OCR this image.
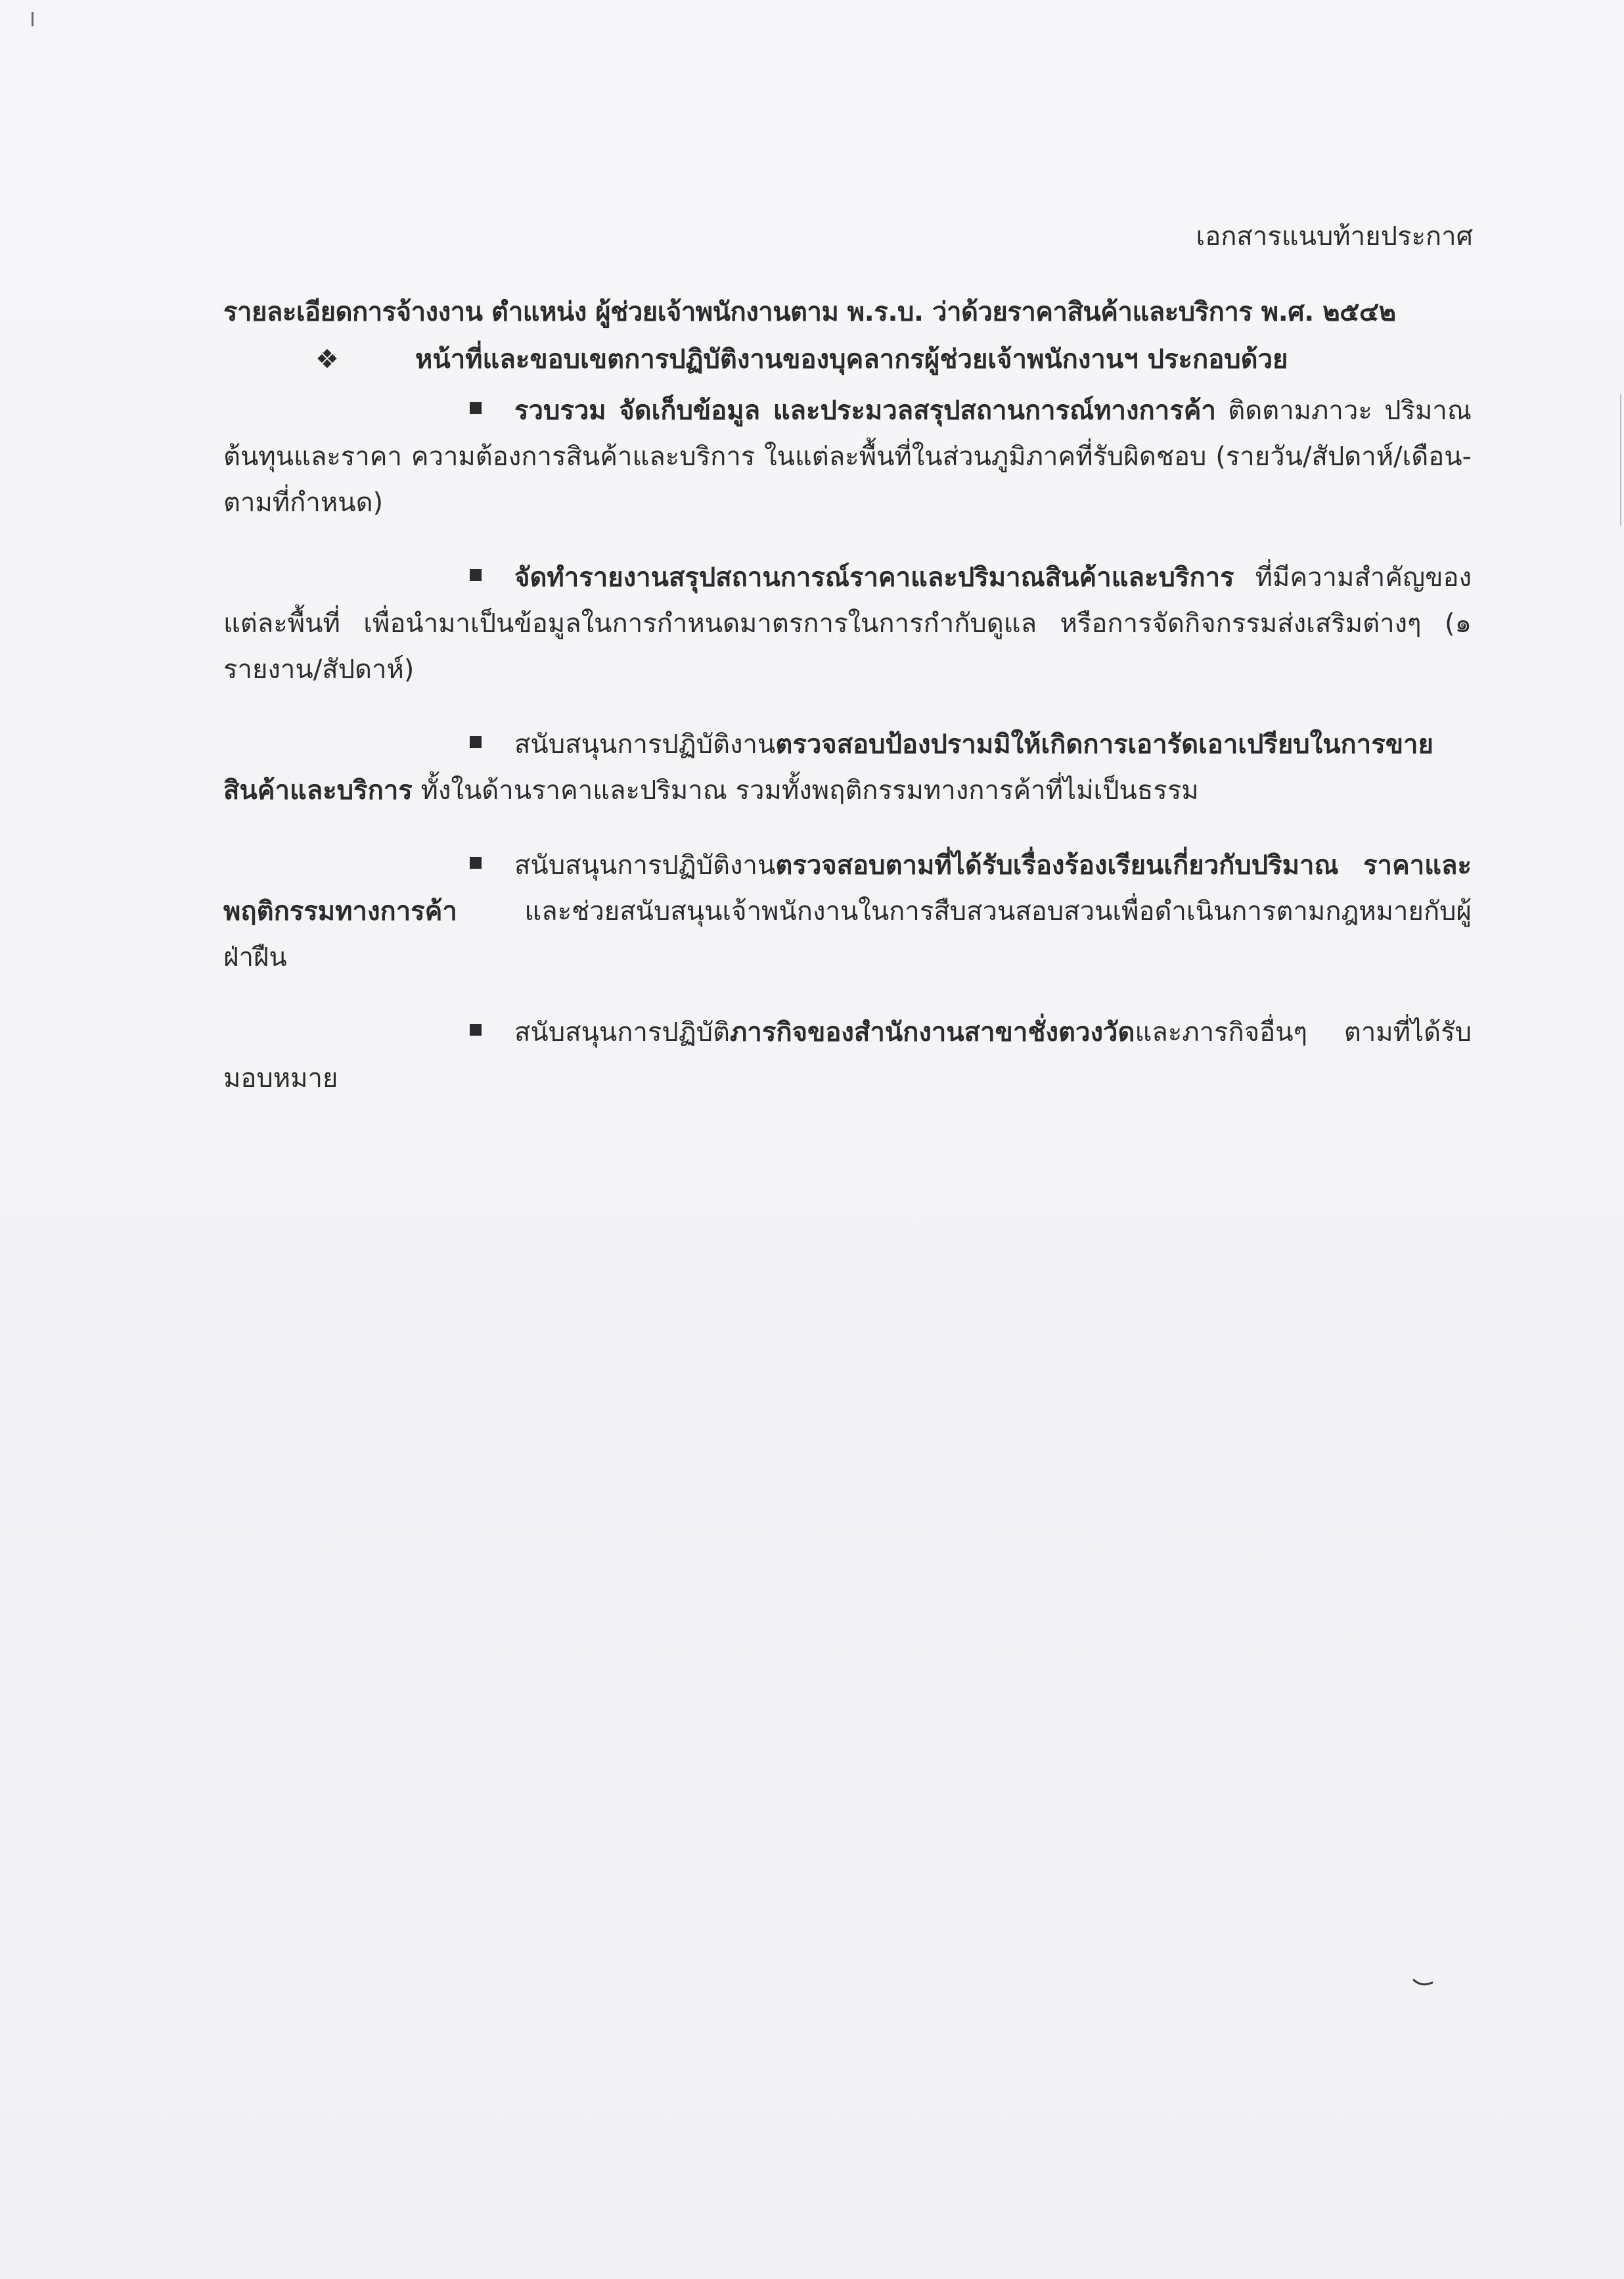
เอกสารแนบท้ายประกาศ
รายละเอียดการจ้างงาน ตำแหน่ง ผู้ช่วยเจ้าพนักงานตาม พ.ร.บ. ว่าด้วยราคาสินค้าและบริการ พ.ศ. ๒๕๔๒
❖	หน้าที่และขอบเขตการปฏิบัติงานของบุคลากรผู้ช่วยเจ้าพนักงานฯ ประกอบด้วย
รวบรวม จัดเก็บข้อมูล และประมวลสรุปสถานการณ์ทางการค้า ติดตามภาวะ ปริมาณ ต้นทุนและราคา ความต้องการสินค้าและบริการ ในแต่ละพื้นที่ในส่วนภูมิภาคที่รับผิดชอบ (รายวัน/สัปดาห์/เดือน-ตามที่กำหนด)
จัดทำรายงานสรุปสถานการณ์ราคาและปริมาณสินค้าและบริการ ที่มีความสำคัญของแต่ละพื้นที่ เพื่อนำมาเป็นข้อมูลในการกำหนดมาตรการในการกำกับดูแล หรือการจัดกิจกรรมส่งเสริมต่างๆ (๑ รายงาน/สัปดาห์)
สนับสนุนการปฏิบัติงานตรวจสอบป้องปรามมิให้เกิดการเอารัดเอาเปรียบในการขายสินค้าและบริการ ทั้งในด้านราคาและปริมาณ รวมทั้งพฤติกรรมทางการค้าที่ไม่เป็นธรรม
สนับสนุนการปฏิบัติงานตรวจสอบตามที่ได้รับเรื่องร้องเรียนเกี่ยวกับปริมาณ ราคาและพฤติกรรมทางการค้า และช่วยสนับสนุนเจ้าพนักงานในการสืบสวนสอบสวนเพื่อดำเนินการตามกฎหมายกับผู้ฝ่าฝืน
สนับสนุนการปฏิบัติภารกิจของสำนักงานสาขาชั่งตวงวัดและภารกิจอื่นๆ ตามที่ได้รับมอบหมาย
